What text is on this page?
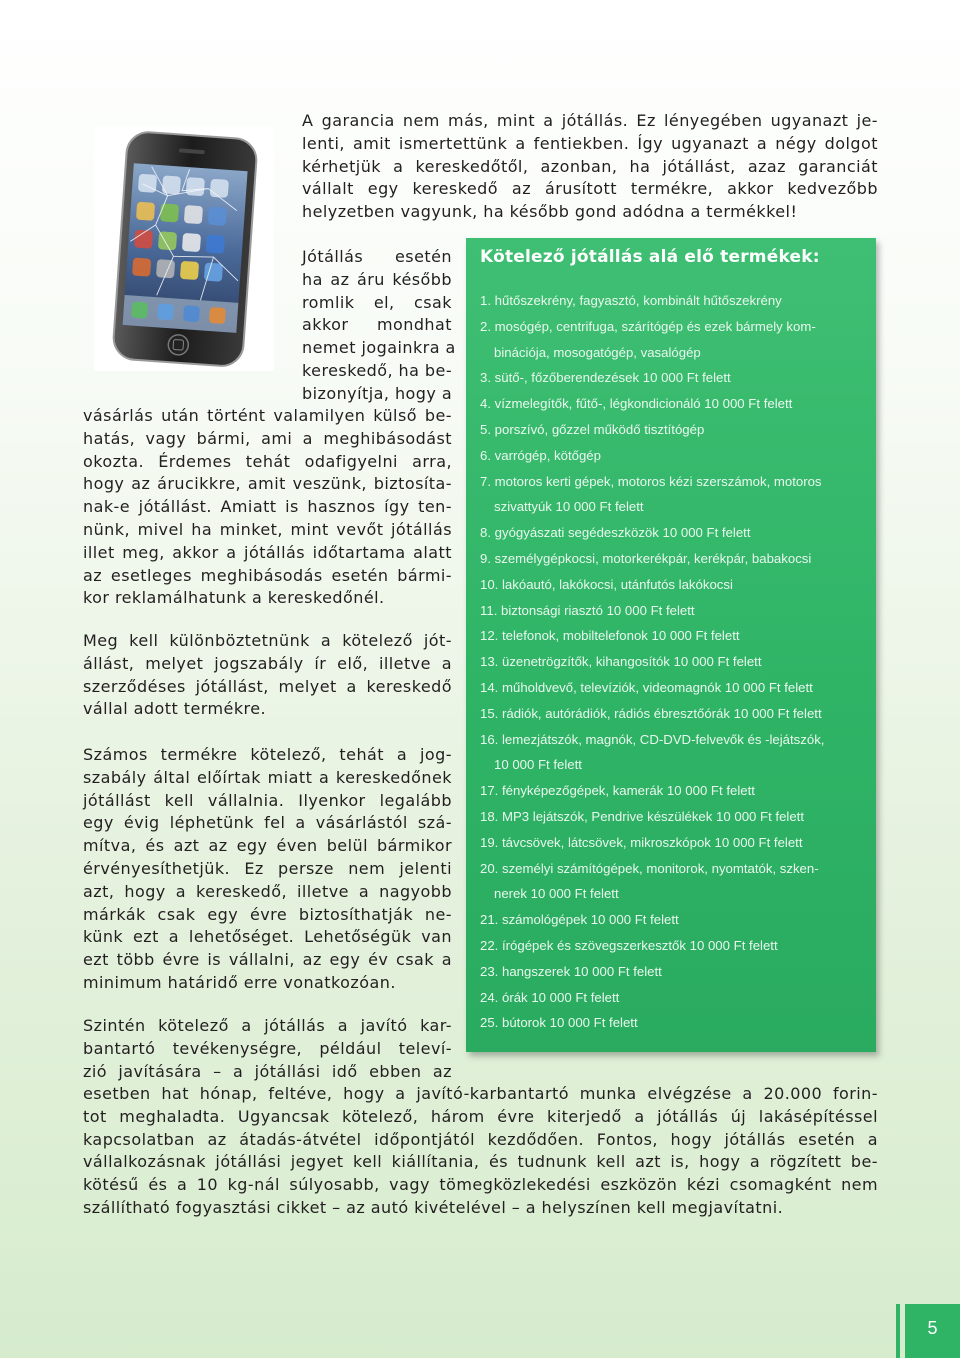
A garancia nem más, mint a jótállás. Ez lényegében ugyanazt je-
lenti, amit ismertettünk a fentiekben. Így ugyanazt a négy dolgot
kérhetjük a kereskedőtől, azonban, ha jótállást, azaz garanciát
vállalt egy kereskedő az árusított termékre, akkor kedvezőbb
helyzetben vagyunk, ha később gond adódna a termékkel!

Jótállás esetén
ha az áru később
romlik el, csak
akkor mondhat
nemet jogainkra a
kereskedő, ha be-
bizonyítja, hogy a

vásárlás után történt valamilyen külső be-
hatás, vagy bármi, ami a meghibásodást
okozta. Érdemes tehát odafigyelni arra,
hogy az árucikkre, amit veszünk, biztosíta-
nak-e jótállást. Amiatt is hasznos így ten-
nünk, mivel ha minket, mint vevőt jótállás
illet meg, akkor a jótállás időtartama alatt
az esetleges meghibásodás esetén bármi-
kor reklamálhatunk a kereskedőnél.

Meg kell különböztetnünk a kötelező jót-
állást, melyet jogszabály ír elő, illetve a
szerződéses jótállást, melyet a kereskedő
vállal adott termékre.

Számos termékre kötelező, tehát a jog-
szabály által előírtak miatt a kereskedőnek
jótállást kell vállalnia. Ilyenkor legalább
egy évig léphetünk fel a vásárlástól szá-
mítva, és azt az egy éven belül bármikor
érvényesíthetjük. Ez persze nem jelenti
azt, hogy a kereskedő, illetve a nagyobb
márkák csak egy évre biztosíthatják ne-
künk ezt a lehetőséget. Lehetőségük van
ezt több évre is vállalni, az egy év csak a
minimum határidő erre vonatkozóan.

Szintén kötelező a jótállás a javító kar-
bantartó tevékenységre, például televí-
zió javítására – a jótállási idő ebben az

esetben hat hónap, feltéve, hogy a javító-karbantartó munka elvégzése a 20.000 forin-
tot meghaladta. Ugyancsak kötelező, három évre kiterjedő a jótállás új lakásépítéssel
kapcsolatban az átadás-átvétel időpontjától kezdődően. Fontos, hogy jótállás esetén a
vállalkozásnak jótállási jegyet kell kiállítania, és tudnunk kell azt is, hogy a rögzített be-
kötésű és a 10 kg-nál súlyosabb, vagy tömegközlekedési eszközön kézi csomagként nem
szállítható fogyasztási cikket – az autó kivételével – a helyszínen kell megjavítatni.

Kötelező jótállás alá elő termékek:
1. hűtőszekrény, fagyasztó, kombinált hűtőszekrény
2. mosógép, centrifuga, szárítógép és ezek bármely kom-
binációja, mosogatógép, vasalógép
3. sütő-, főzőberendezések 10 000 Ft felett
4. vízmelegítők, fűtő-, légkondicionáló 10 000 Ft felett
5. porszívó, gőzzel működő tisztítógép
6. varrógép, kötőgép
7. motoros kerti gépek, motoros kézi szerszámok, motoros
szivattyúk 10 000 Ft felett
8. gyógyászati segédeszközök 10 000 Ft felett
9. személygépkocsi, motorkerékpár, kerékpár, babakocsi
10. lakóautó, lakókocsi, utánfutós lakókocsi
11. biztonsági riasztó 10 000 Ft felett
12. telefonok, mobiltelefonok 10 000 Ft felett
13. üzenetrögzítők, kihangosítók 10 000 Ft felett
14. műholdvevő, televíziók, videomagnók 10 000 Ft felett
15. rádiók, autórádiók, rádiós ébresztőórák 10 000 Ft felett
16. lemezjátszók, magnók, CD-DVD-felvevők és -lejátszók,
10 000 Ft felett
17. fényképezőgépek, kamerák 10 000 Ft felett
18. MP3 lejátszók, Pendrive készülékek 10 000 Ft felett
19. távcsövek, látcsövek, mikroszkópok 10 000 Ft felett
20. személyi számítógépek, monitorok, nyomtatók, szken-
nerek 10 000 Ft felett
21. számológépek 10 000 Ft felett
22. írógépek és szövegszerkesztők 10 000 Ft felett
23. hangszerek 10 000 Ft felett
24. órák 10 000 Ft felett
25. bútorok 10 000 Ft felett
5
